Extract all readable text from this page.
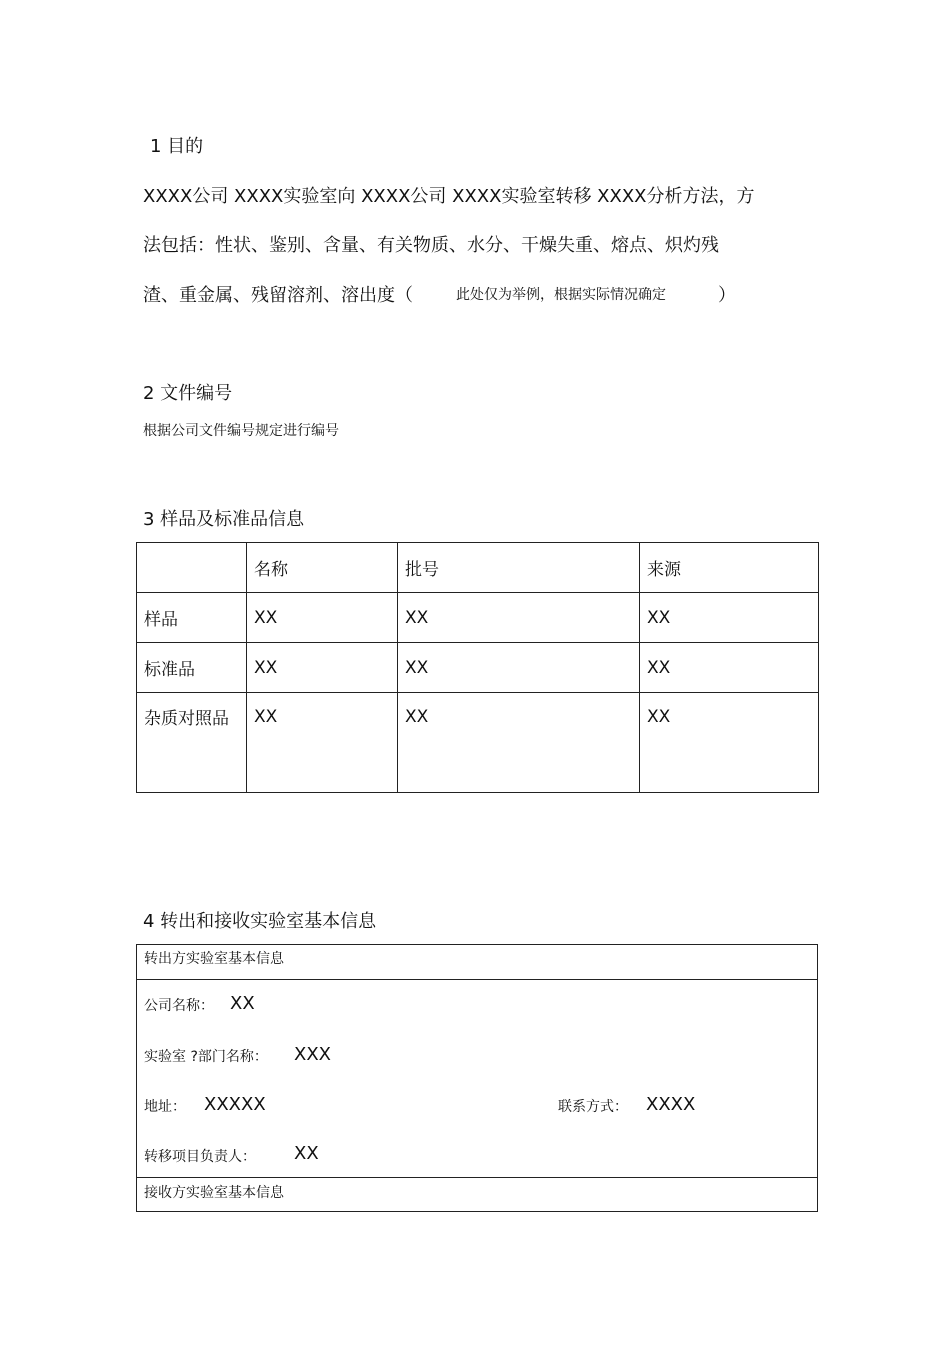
1 目的
XXXX公司 XXXX实验室向 XXXX公司 XXXX实验室转移 XXXX分析方法，方
法包括：性状、鉴别、含量、有关物质、水分、干燥失重、熔点、炽灼残
渣、重金属、残留溶剂、溶出度（	此处仅为举例，根据实际情况确定	）
2 文件编号
根据公司文件编号规定进行编号
3 样品及标准品信息
	名称	批号	来源
样品	XX	XX	XX
标准品	XX	XX	XX

杂质对照品	XX	XX	XX
4 转出和接收实验室基本信息
转出方实验室基本信息
公司名称： XX
实验室 ?部门名称： XXX
地址： XXXXX	联系方式： XXXX
转移项目负责人： XX
接收方实验室基本信息
